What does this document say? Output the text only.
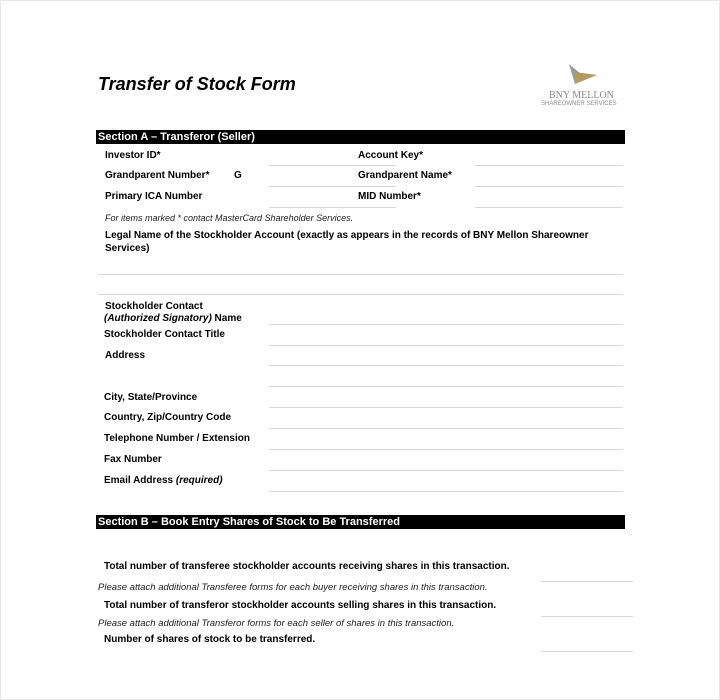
Transfer of Stock Form
BNY MELLON
SHAREOWNER SERVICES
Section A – Transferor (Seller)
Investor ID*	Account Key*
Grandparent Number* G	Grandparent Name*
Primary ICA Number	MID Number*
For items marked * contact MasterCard Shareholder Services.
Legal Name of the Stockholder Account (exactly as appears in the records of BNY Mellon Shareowner
Services)
Stockholder Contact
(Authorized Signatory) Name
Stockholder Contact Title
Address
City, State/Province
Country, Zip/Country Code
Telephone Number / Extension
Fax Number
Email Address (required)
Section B – Book Entry Shares of Stock to Be Transferred
Total number of transferee stockholder accounts receiving shares in this transaction.
Please attach additional Transferee forms for each buyer receiving shares in this transaction.
Total number of transferor stockholder accounts selling shares in this transaction.
Please attach additional Transferor forms for each seller of shares in this transaction.
Number of shares of stock to be transferred.
